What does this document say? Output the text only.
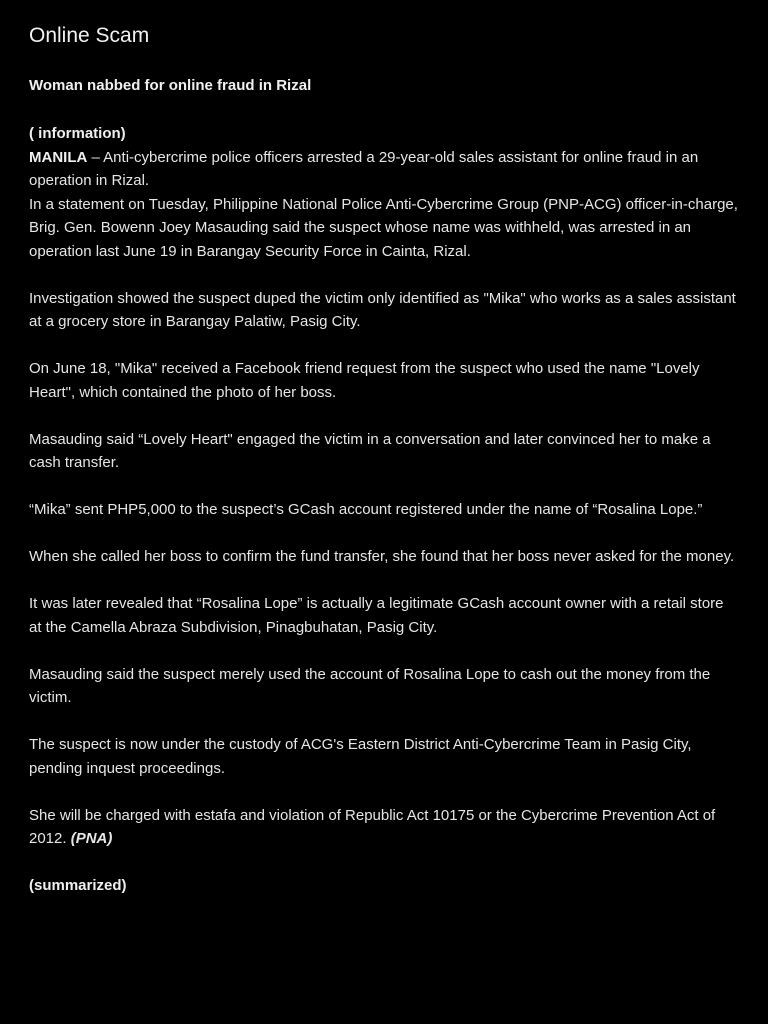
Online Scam
Woman nabbed for online fraud in Rizal

( information)

MANILA – Anti-cybercrime police officers arrested a 29-year-old sales assistant for online fraud in an operation in Rizal.

In a statement on Tuesday, Philippine National Police Anti-Cybercrime Group (PNP-ACG) officer-in-charge, Brig. Gen. Bowenn Joey Masauding said the suspect whose name was withheld, was arrested in an operation last June 19 in Barangay Security Force in Cainta, Rizal.

Investigation showed the suspect duped the victim only identified as "Mika" who works as a sales assistant at a grocery store in Barangay Palatiw, Pasig City.

On June 18, "Mika" received a Facebook friend request from the suspect who used the name "Lovely Heart", which contained the photo of her boss.

Masauding said “Lovely Heart" engaged the victim in a conversation and later convinced her to make a cash transfer.

“Mika” sent PHP5,000 to the suspect’s GCash account registered under the name of “Rosalina Lope.”

When she called her boss to confirm the fund transfer, she found that her boss never asked for the money.

It was later revealed that “Rosalina Lope” is actually a legitimate GCash account owner with a retail store at the Camella Abraza Subdivision, Pinagbuhatan, Pasig City.

Masauding said the suspect merely used the account of Rosalina Lope to cash out the money from the victim.

The suspect is now under the custody of ACG's Eastern District Anti-Cybercrime Team in Pasig City, pending inquest proceedings.

She will be charged with estafa and violation of Republic Act 10175 or the Cybercrime Prevention Act of 2012. (PNA)

(summarized)
